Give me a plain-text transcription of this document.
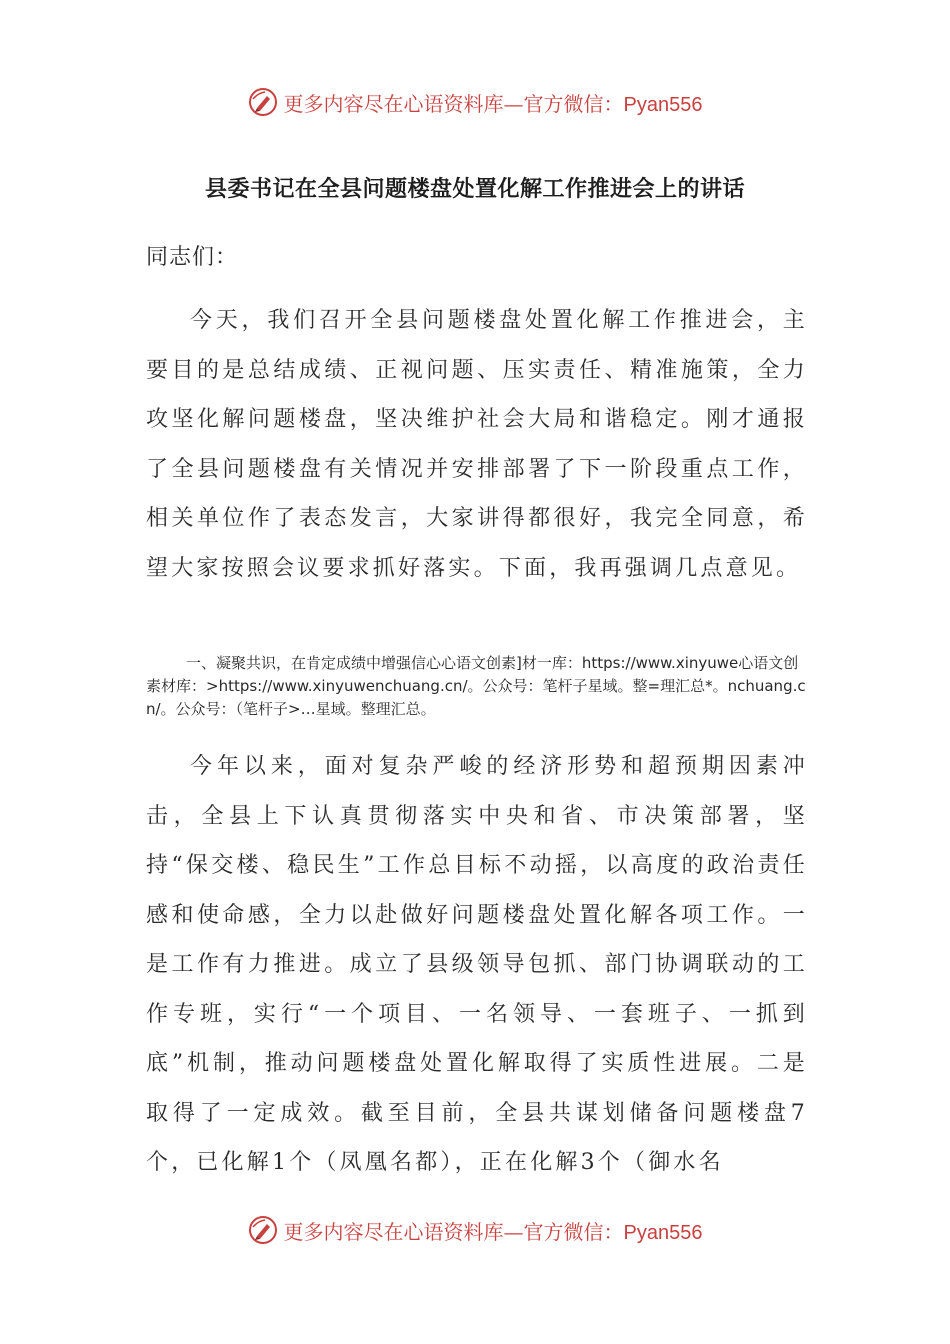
更多内容尽在心语资料库—官方微信：Pyan556
县委书记在全县问题楼盘处置化解工作推进会上的讲话
同志们：

今天，我们召开全县问题楼盘处置化解工作推进会，主要目的是总结成绩、正视问题、压实责任、精准施策，全力攻坚化解问题楼盘，坚决维护社会大局和谐稳定。刚才通报了全县问题楼盘有关情况并安排部署了下一阶段重点工作，相关单位作了表态发言，大家讲得都很好，我完全同意，希望大家按照会议要求抓好落实。下面，我再强调几点意见。

一、凝聚共识，在肯定成绩中增强信心心语文创素]材一库：https://www.xinyuwe心语文创素材库：>https://www.xinyuwenchuang.cn/。公众号：笔杆子星域。整=理汇总*。nchuang.cn/。公众号：（笔杆子>…星域。整理汇总。

今年以来，面对复杂严峻的经济形势和超预期因素冲击，全县上下认真贯彻落实中央和省、市决策部署，坚持“保交楼、稳民生”工作总目标不动摇，以高度的政治责任感和使命感，全力以赴做好问题楼盘处置化解各项工作。一是工作有力推进。成立了县级领导包抓、部门协调联动的工作专班，实行“一个项目、一名领导、一套班子、一抓到底”机制，推动问题楼盘处置化解取得了实质性进展。二是取得了一定成效。截至目前，全县共谋划储备问题楼盘7个，已化解1个（凤凰名都），正在化解3个（御水名

更多内容尽在心语资料库—官方微信：Pyan556
